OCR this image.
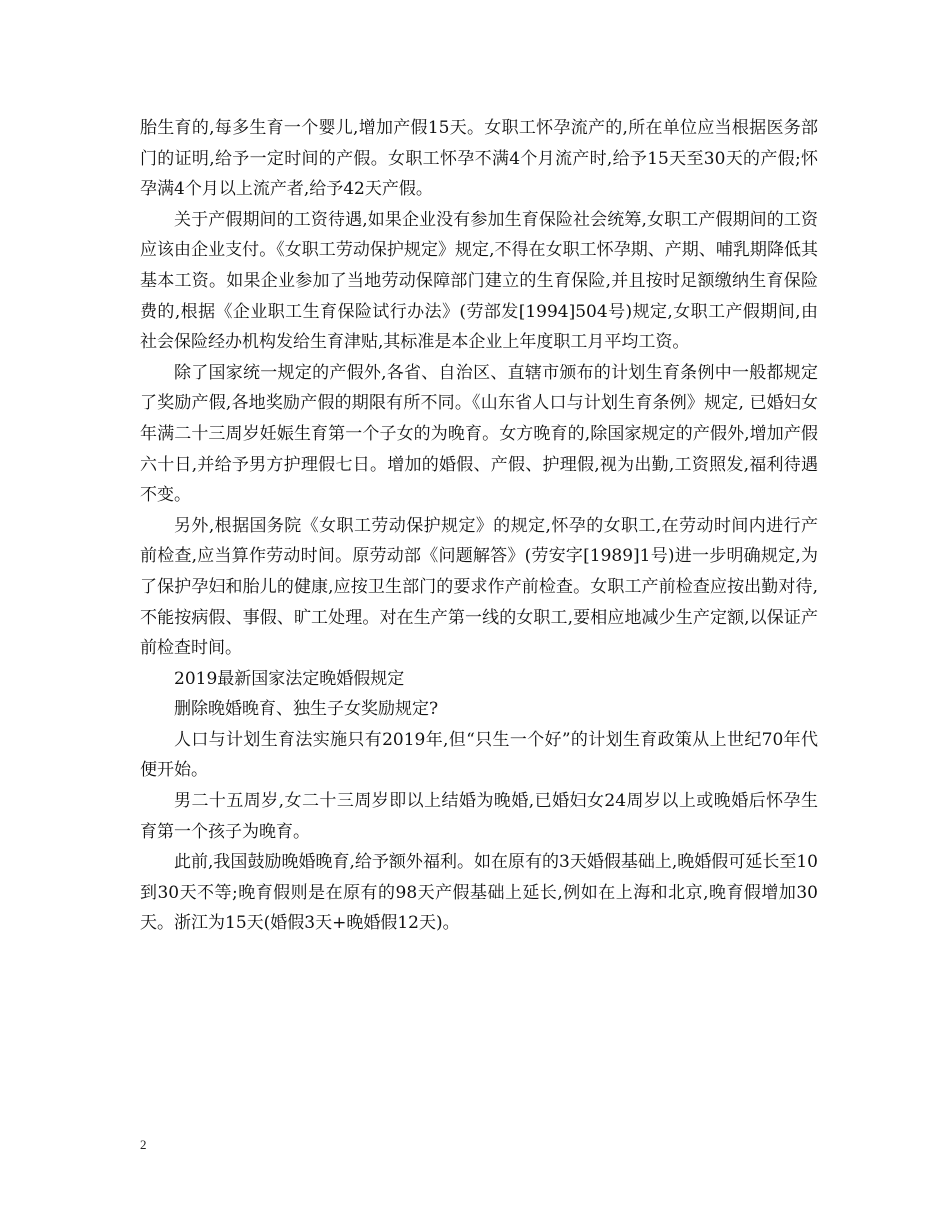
胎生育的,每多生育一个婴儿,增加产假15天。女职工怀孕流产的,所在单位应当根据医务部门的证明,给予一定时间的产假。女职工怀孕不满4个月流产时,给予15天至30天的产假;怀孕满4个月以上流产者,给予42天产假。

关于产假期间的工资待遇,如果企业没有参加生育保险社会统筹,女职工产假期间的工资应该由企业支付。《女职工劳动保护规定》规定,不得在女职工怀孕期、产期、哺乳期降低其基本工资。如果企业参加了当地劳动保障部门建立的生育保险,并且按时足额缴纳生育保险费的,根据《企业职工生育保险试行办法》(劳部发[1994]504号)规定,女职工产假期间,由社会保险经办机构发给生育津贴,其标准是本企业上年度职工月平均工资。

除了国家统一规定的产假外,各省、自治区、直辖市颁布的计划生育条例中一般都规定了奖励产假,各地奖励产假的期限有所不同。《山东省人口与计划生育条例》规定, 已婚妇女年满二十三周岁妊娠生育第一个子女的为晚育。女方晚育的,除国家规定的产假外,增加产假六十日,并给予男方护理假七日。增加的婚假、产假、护理假,视为出勤,工资照发,福利待遇不变。

另外,根据国务院《女职工劳动保护规定》的规定,怀孕的女职工,在劳动时间内进行产前检查,应当算作劳动时间。原劳动部《问题解答》(劳安字[1989]1号)进一步明确规定,为了保护孕妇和胎儿的健康,应按卫生部门的要求作产前检查。女职工产前检查应按出勤对待,不能按病假、事假、旷工处理。对在生产第一线的女职工,要相应地减少生产定额,以保证产前检查时间。

2019最新国家法定晚婚假规定

删除晚婚晚育、独生子女奖励规定?

人口与计划生育法实施只有2019年,但“只生一个好”的计划生育政策从上世纪70年代便开始。

男二十五周岁,女二十三周岁即以上结婚为晚婚,已婚妇女24周岁以上或晚婚后怀孕生育第一个孩子为晚育。

此前,我国鼓励晚婚晚育,给予额外福利。如在原有的3天婚假基础上,晚婚假可延长至10到30天不等;晚育假则是在原有的98天产假基础上延长,例如在上海和北京,晚育假增加30天。浙江为15天(婚假3天+晚婚假12天)。

2
